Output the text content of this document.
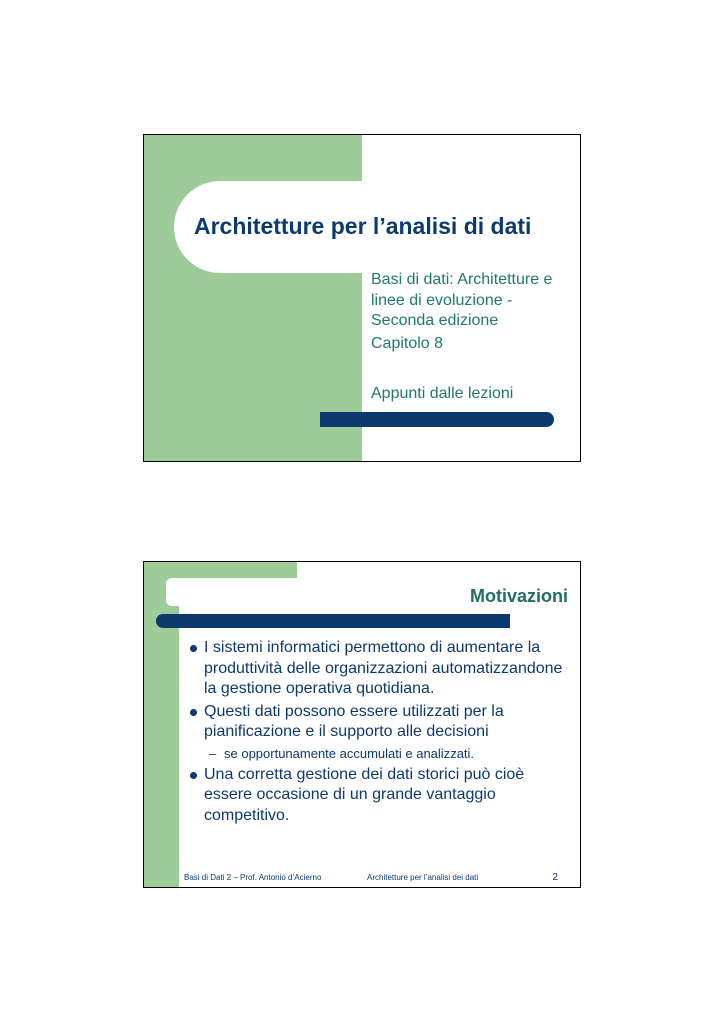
Architetture per l’analisi di dati
Basi di dati: Architetture e linee di evoluzione - Seconda edizione
Capitolo 8
Appunti dalle lezioni
Motivazioni
I sistemi informatici permettono di aumentare la produttività delle organizzazioni automatizzandone la gestione operativa quotidiana.
Questi dati possono essere utilizzati per la pianificazione e il supporto alle decisioni
– se opportunamente accumulati e analizzati.
Una corretta gestione dei dati storici può cioè essere occasione di un grande vantaggio competitivo.
Basi di Dati 2 – Prof. Antonio d’Acierno	Architetture per l’analisi dei dati	2
